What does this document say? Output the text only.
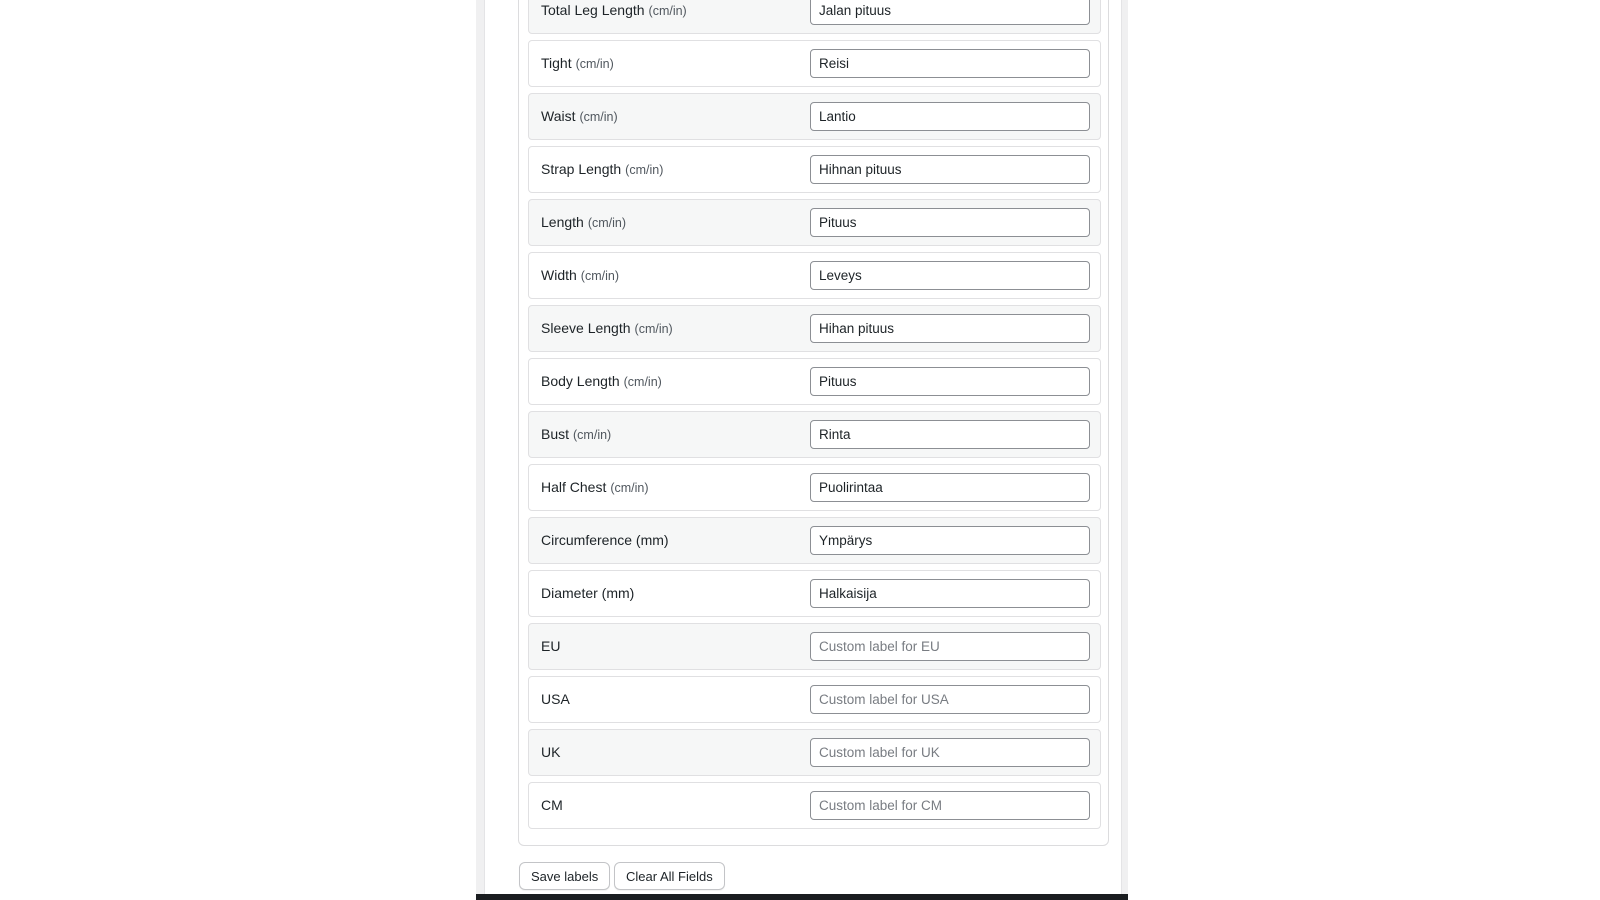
Total Leg Length (cm/in)
Jalan pituus
Tight (cm/in)
Reisi
Waist (cm/in)
Lantio
Strap Length (cm/in)
Hihnan pituus
Length (cm/in)
Pituus
Width (cm/in)
Leveys
Sleeve Length (cm/in)
Hihan pituus
Body Length (cm/in)
Pituus
Bust (cm/in)
Rinta
Half Chest (cm/in)
Puolirintaa
Circumference (mm)
Ympärys
Diameter (mm)
Halkaisija
EU
Custom label for EU
USA
Custom label for USA
UK
Custom label for UK
CM
Custom label for CM
Save labels	Clear All Fields
